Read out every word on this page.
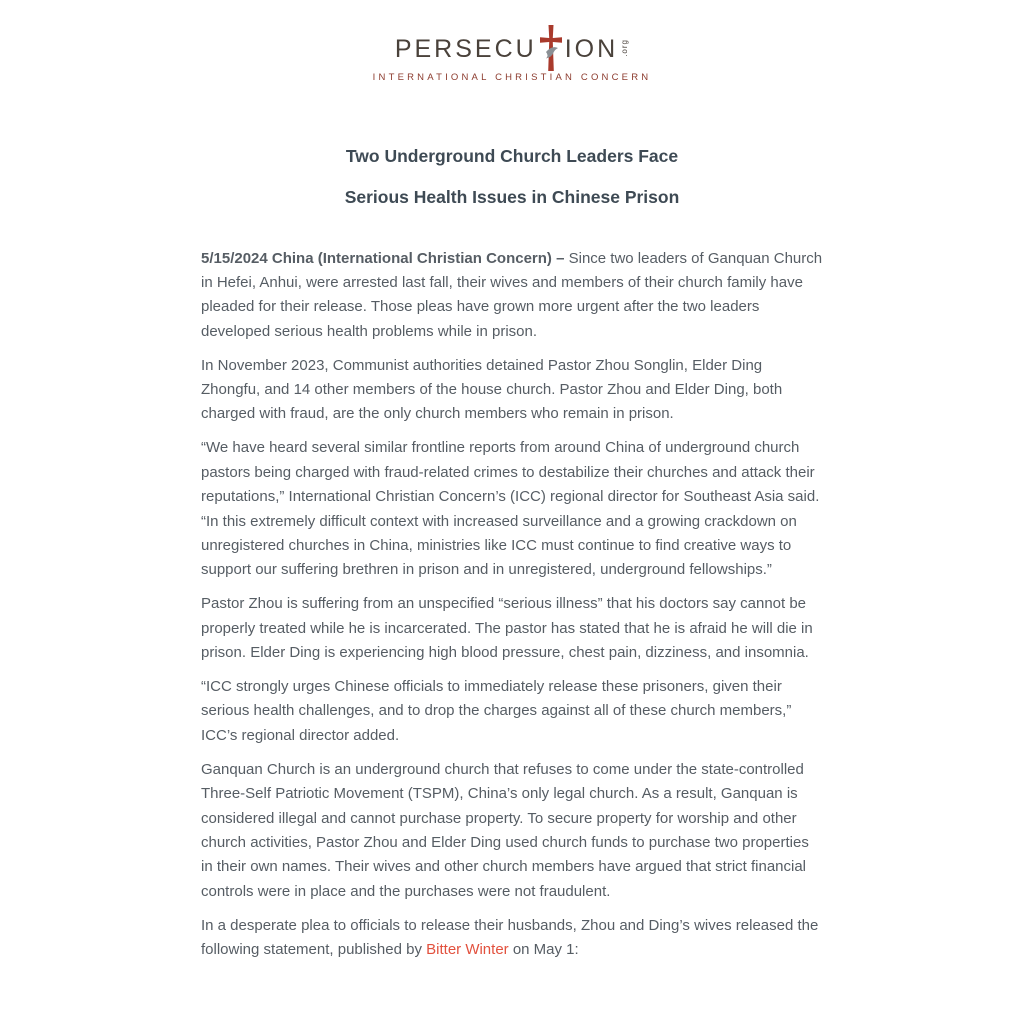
PERSECU ION .org
INTERNATIONAL CHRISTIAN CONCERN
Two Underground Church Leaders Face
Serious Health Issues in Chinese Prison

5/15/2024 China (International Christian Concern) – Since two leaders of Ganquan Church in Hefei, Anhui, were arrested last fall, their wives and members of their church family have pleaded for their release. Those pleas have grown more urgent after the two leaders developed serious health problems while in prison.

In November 2023, Communist authorities detained Pastor Zhou Songlin, Elder Ding Zhongfu, and 14 other members of the house church. Pastor Zhou and Elder Ding, both charged with fraud, are the only church members who remain in prison.

“We have heard several similar frontline reports from around China of underground church pastors being charged with fraud-related crimes to destabilize their churches and attack their reputations,” International Christian Concern’s (ICC) regional director for Southeast Asia said. “In this extremely difficult context with increased surveillance and a growing crackdown on unregistered churches in China, ministries like ICC must continue to find creative ways to support our suffering brethren in prison and in unregistered, underground fellowships.”

Pastor Zhou is suffering from an unspecified “serious illness” that his doctors say cannot be properly treated while he is incarcerated. The pastor has stated that he is afraid he will die in prison. Elder Ding is experiencing high blood pressure, chest pain, dizziness, and insomnia.

“ICC strongly urges Chinese officials to immediately release these prisoners, given their serious health challenges, and to drop the charges against all of these church members,” ICC’s regional director added.

Ganquan Church is an underground church that refuses to come under the state-controlled Three-Self Patriotic Movement (TSPM), China’s only legal church. As a result, Ganquan is considered illegal and cannot purchase property. To secure property for worship and other church activities, Pastor Zhou and Elder Ding used church funds to purchase two properties in their own names. Their wives and other church members have argued that strict financial controls were in place and the purchases were not fraudulent.

In a desperate plea to officials to release their husbands, Zhou and Ding’s wives released the following statement, published by Bitter Winter on May 1:
